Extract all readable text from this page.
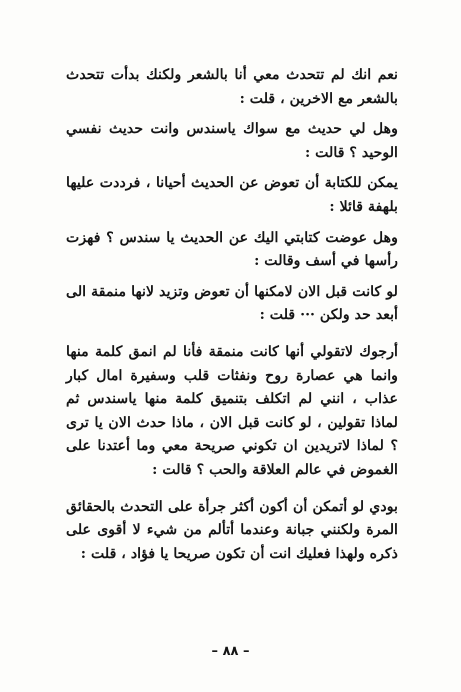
نعم انك لم تتحدث معي أنا بالشعر ولكنك بدأت تتحدث بالشعر مع الاخرين ، قلت :

وهل لي حديث مع سواك ياسندس وانت حديث نفسي الوحيد ؟ قالت :

يمكن للكتابة أن تعوض عن الحديث أحيانا ، فرددت عليها بلهفة قائلا :

وهل عوضت كتابتي اليك عن الحديث يا سندس ؟ فهزت رأسها في أسف وقالت :

لو كانت قبل الان لامكنها أن تعوض وتزيد لانها منمقة الى أبعد حد ولكن ··· قلت :

أرجوك لاتقولي أنها كانت منمقة فأنا لم انمق كلمة منها وانما هي عصارة روح ونفثات قلب وسفيرة امال كبار عذاب ، انني لم اتكلف بتنميق كلمة منها ياسندس ثم لماذا تقولين ، لو كانت قبل الان ، ماذا حدث الان يا ترى ؟ لماذا لاتريدين ان تكوني صريحة معي وما أعتدنا على الغموض في عالم العلاقة والحب ؟ قالت :

بودي لو أتمكن أن أكون أكثر جرأة على التحدث بالحقائق المرة ولكنني جبانة وعندما أتألم من شيء لا أقوى على ذكره ولهذا فعليك انت أن تكون صريحا يا فؤاد ، قلت :

– ٨٨ –
